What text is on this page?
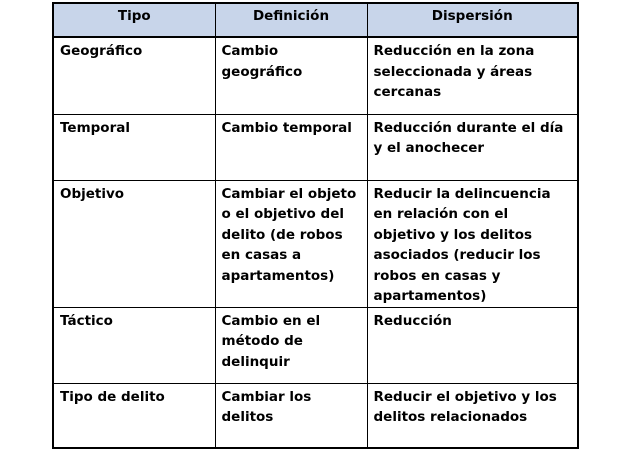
Tipo	Definición	Dispersión
Geográfico	Cambio geográfico	Reducción en la zona seleccionada y áreas cercanas
Temporal	Cambio temporal	Reducción durante el día y el anochecer
Objetivo	Cambiar el objeto o el objetivo del delito (de robos en casas a apartamentos)	Reducir la delincuencia en relación con el objetivo y los delitos asociados (reducir los robos en casas y apartamentos)
Táctico	Cambio en el método de delinquir	Reducción
Tipo de delito	Cambiar los delitos	Reducir el objetivo y los delitos relacionados
